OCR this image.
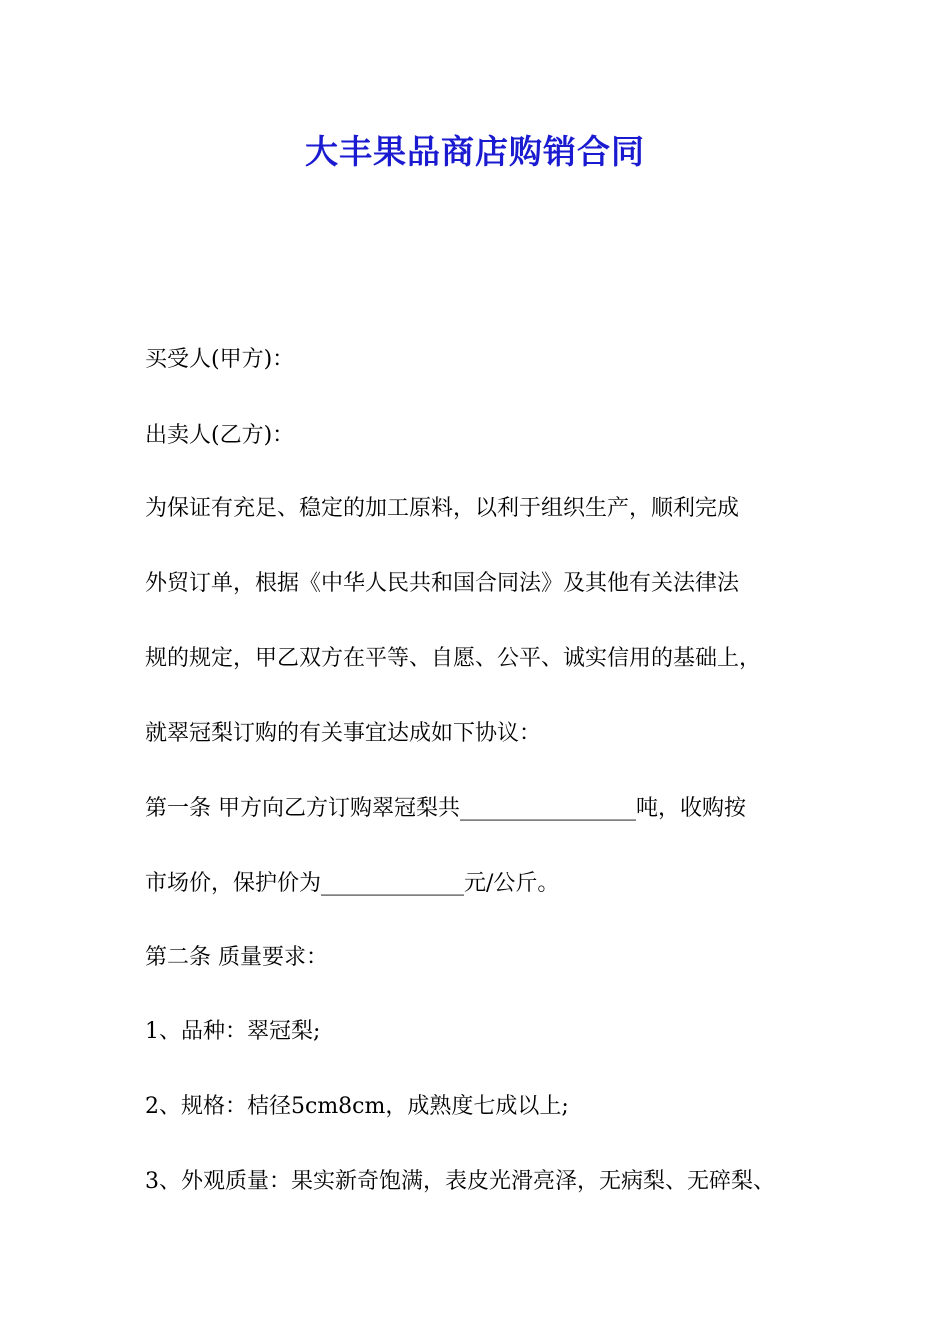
大丰果品商店购销合同
买受人(甲方)：
出卖人(乙方)：
为保证有充足、稳定的加工原料，以利于组织生产，顺利完成
外贸订单，根据《中华人民共和国合同法》及其他有关法律法
规的规定，甲乙双方在平等、自愿、公平、诚实信用的基础上，
就翠冠梨订购的有关事宜达成如下协议：
第一条 甲方向乙方订购翠冠梨共________________吨，收购按
市场价，保护价为_____________元/公斤。
第二条 质量要求：
1、品种：翠冠梨;
2、规格：桔径5cm8cm，成熟度七成以上;
3、外观质量：果实新奇饱满，表皮光滑亮泽，无病梨、无碎梨、
